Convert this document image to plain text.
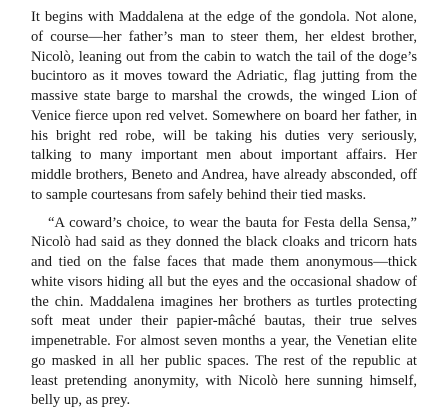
It begins with Maddalena at the edge of the gondola. Not alone, of course—her father’s man to steer them, her eldest brother, Nicolò, leaning out from the cabin to watch the tail of the doge’s bucintoro as it moves toward the Adriatic, flag jutting from the massive state barge to marshal the crowds, the winged Lion of Venice fierce upon red velvet. Somewhere on board her father, in his bright red robe, will be taking his duties very seriously, talking to many important men about important affairs. Her middle brothers, Beneto and Andrea, have already absconded, off to sample courtesans from safely behind their tied masks.

“A coward’s choice, to wear the bauta for Festa della Sensa,” Nicolò had said as they donned the black cloaks and tricorn hats and tied on the false faces that made them anonymous—thick white visors hiding all but the eyes and the occasional shadow of the chin. Maddalena imagines her brothers as turtles protecting soft meat under their papier-mâché bautas, their true selves impenetrable. For almost seven months a year, the Venetian elite go masked in all her public spaces. The rest of the republic at least pretending anonymity, with Nicolò here sunning himself, belly up, as prey.
